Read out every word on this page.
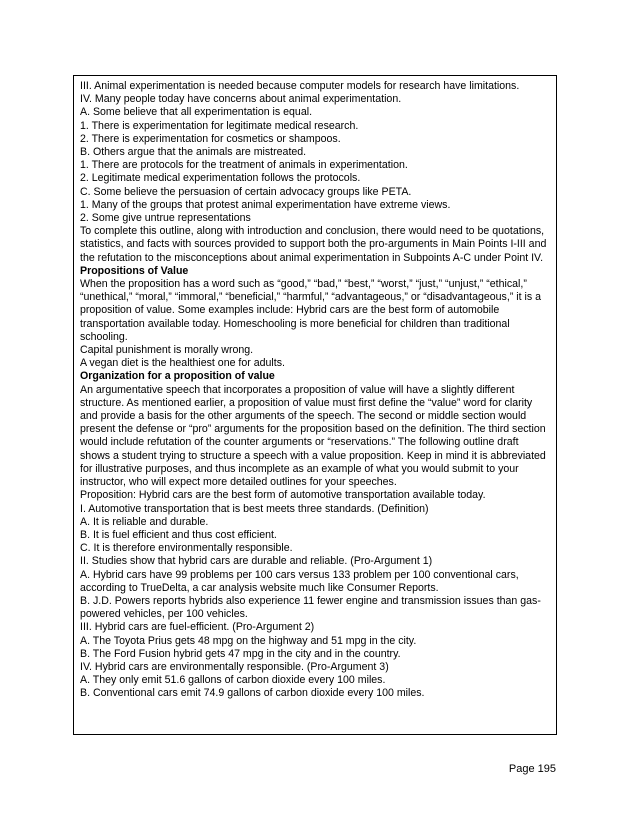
III. Animal experimentation is needed because computer models for research have limitations.

IV. Many people today have concerns about animal experimentation.

A. Some believe that all experimentation is equal.

1. There is experimentation for legitimate medical research.

2. There is experimentation for cosmetics or shampoos.

B. Others argue that the animals are mistreated.

1. There are protocols for the treatment of animals in experimentation.

2. Legitimate medical experimentation follows the protocols.

C. Some believe the persuasion of certain advocacy groups like PETA.

1. Many of the groups that protest animal experimentation have extreme views.

2. Some give untrue representations

To complete this outline, along with introduction and conclusion, there would need to be quotations, statistics, and facts with sources provided to support both the pro-arguments in Main Points I-III and the refutation to the misconceptions about animal experimentation in Subpoints A-C under Point IV.

Propositions of Value

When the proposition has a word such as “good,” “bad,” “best,” “worst,” “just,” “unjust,” “ethical,” “unethical,” “moral,” “immoral,” “beneficial,” “harmful,” “advantageous,” or “disadvantageous,” it is a proposition of value. Some examples include: Hybrid cars are the best form of automobile transportation available today. Homeschooling is more beneficial for children than traditional schooling.

Capital punishment is morally wrong.

A vegan diet is the healthiest one for adults.

Organization for a proposition of value

An argumentative speech that incorporates a proposition of value will have a slightly different structure. As mentioned earlier, a proposition of value must first define the “value” word for clarity and provide a basis for the other arguments of the speech. The second or middle section would present the defense or “pro” arguments for the proposition based on the definition. The third section would include refutation of the counter arguments or “reservations.” The following outline draft shows a student trying to structure a speech with a value proposition. Keep in mind it is abbreviated for illustrative purposes, and thus incomplete as an example of what you would submit to your instructor, who will expect more detailed outlines for your speeches.

Proposition: Hybrid cars are the best form of automotive transportation available today.

I. Automotive transportation that is best meets three standards. (Definition)

A. It is reliable and durable.

B. It is fuel efficient and thus cost efficient.

C. It is therefore environmentally responsible.

II. Studies show that hybrid cars are durable and reliable. (Pro-Argument 1)

A. Hybrid cars have 99 problems per 100 cars versus 133 problem per 100 conventional cars, according to TrueDelta, a car analysis website much like Consumer Reports.

B. J.D. Powers reports hybrids also experience 11 fewer engine and transmission issues than gas-powered vehicles, per 100 vehicles.

III. Hybrid cars are fuel-efficient. (Pro-Argument 2)

A. The Toyota Prius gets 48 mpg on the highway and 51 mpg in the city.

B. The Ford Fusion hybrid gets 47 mpg in the city and in the country.

IV. Hybrid cars are environmentally responsible. (Pro-Argument 3)

A. They only emit 51.6 gallons of carbon dioxide every 100 miles.

B. Conventional cars emit 74.9 gallons of carbon dioxide every 100 miles.

Page 195
